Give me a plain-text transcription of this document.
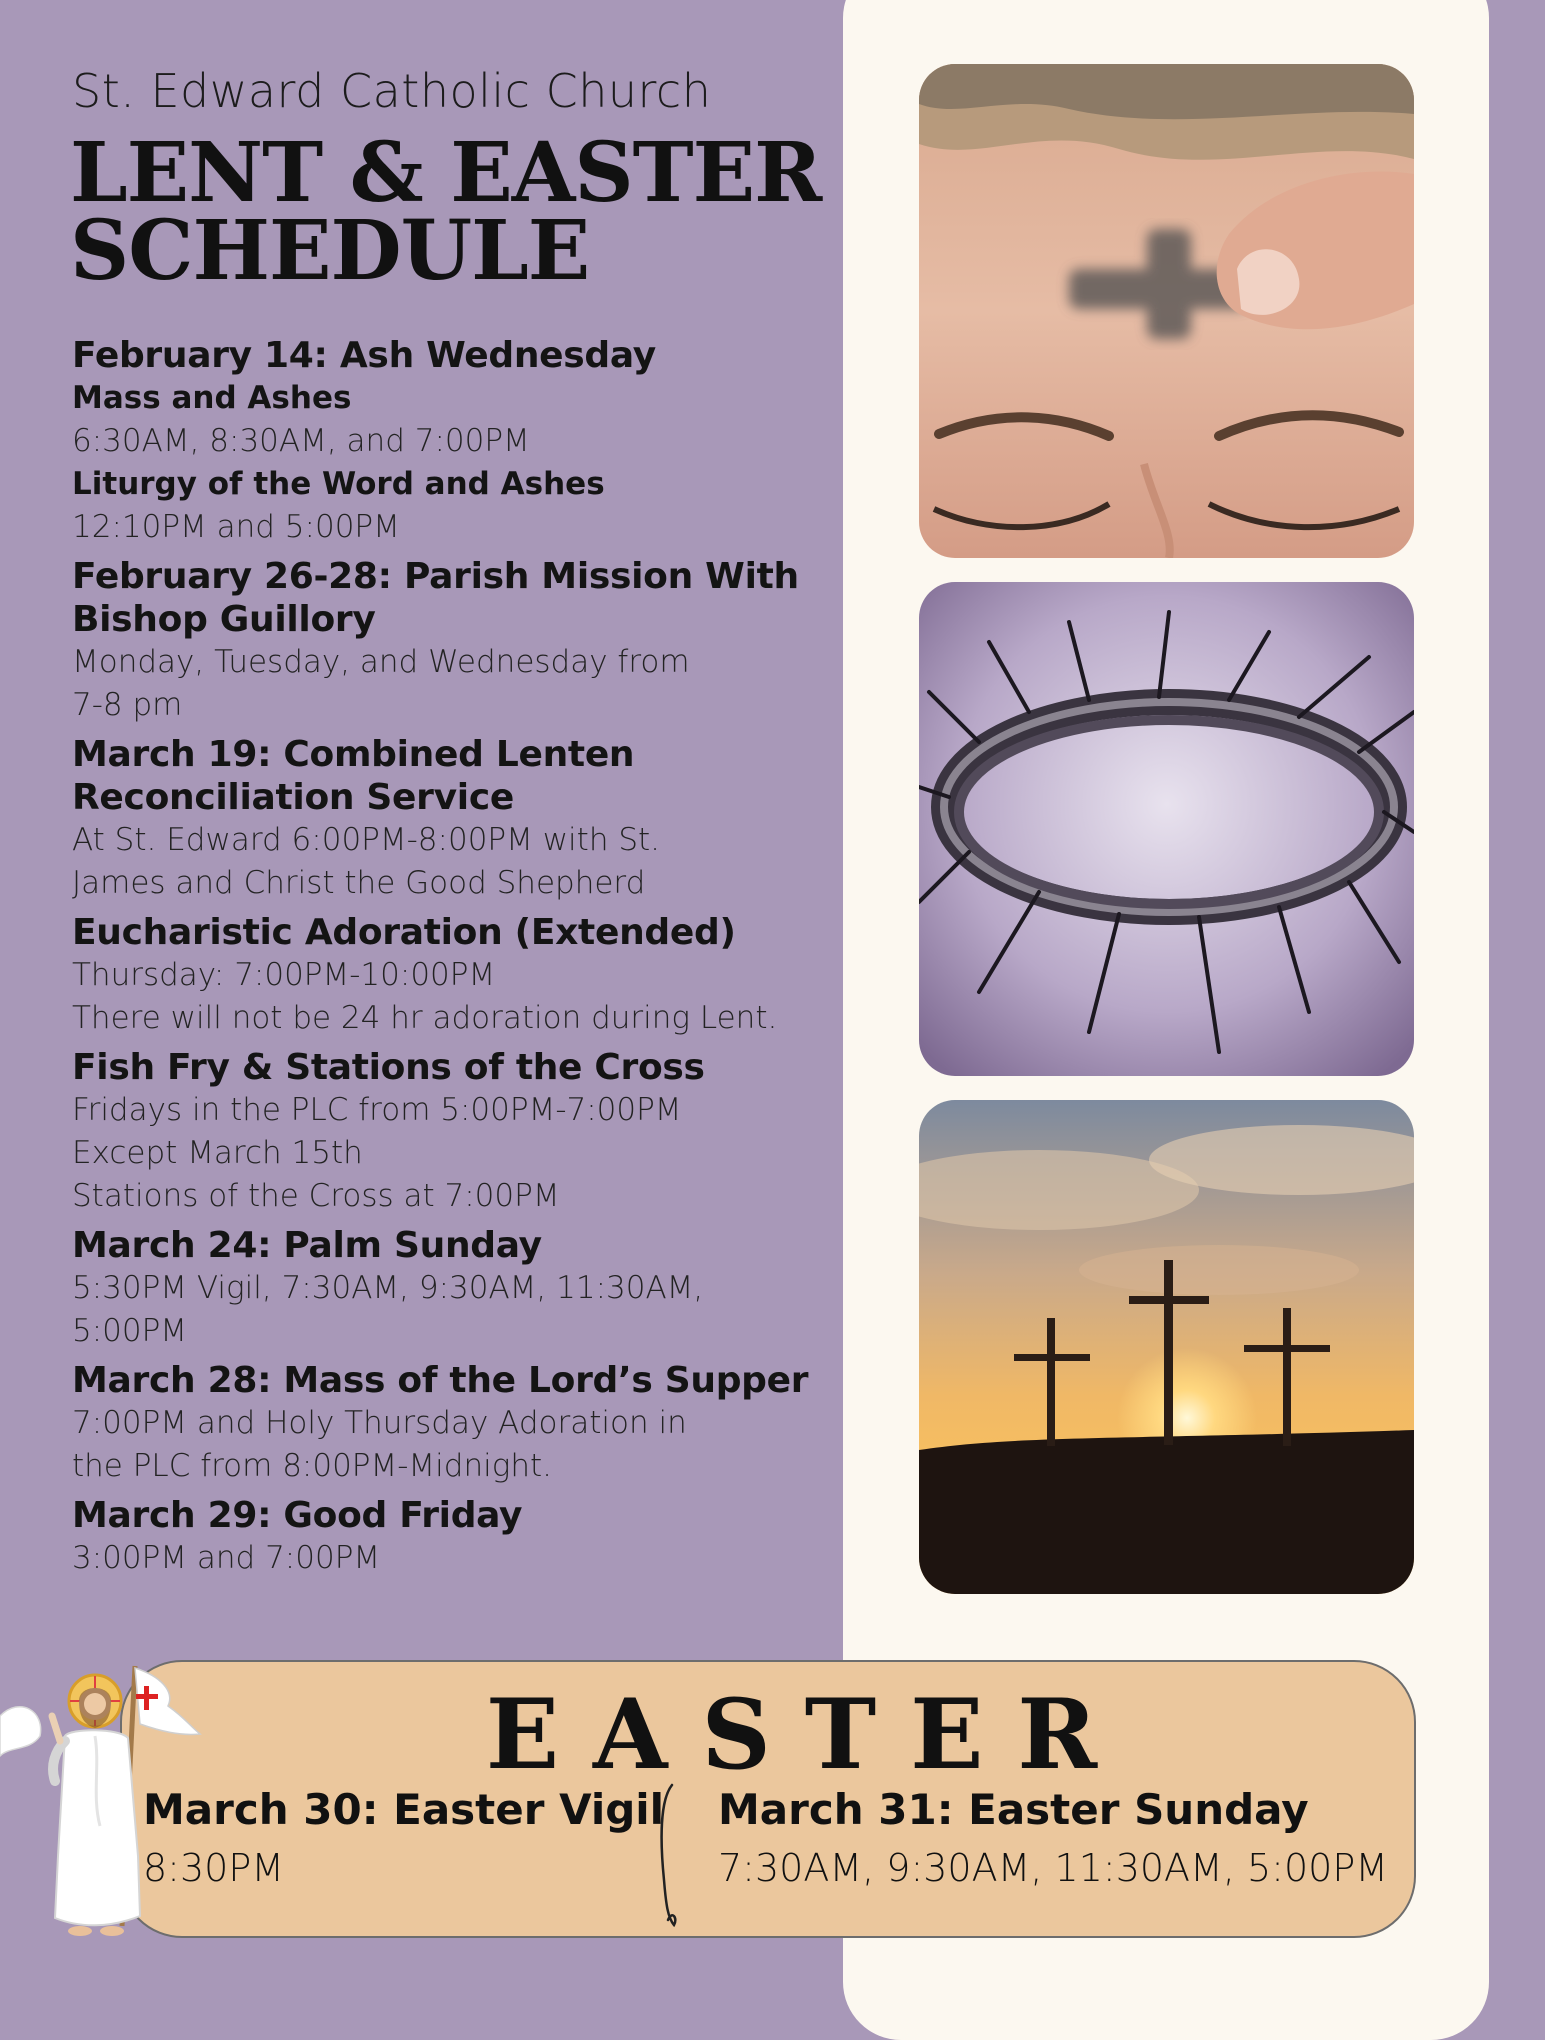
St. Edward Catholic Church
LENT & EASTER
SCHEDULE
February 14: Ash Wednesday
Mass and Ashes
6:30AM, 8:30AM, and 7:00PM
Liturgy of the Word and Ashes
12:10PM and 5:00PM
February 26-28: Parish Mission With
Bishop Guillory
Monday, Tuesday, and Wednesday from
7-8 pm
March 19: Combined Lenten
Reconciliation Service
At St. Edward 6:00PM-8:00PM with St.
James and Christ the Good Shepherd
Eucharistic Adoration (Extended)
Thursday: 7:00PM-10:00PM
There will not be 24 hr adoration during Lent.
Fish Fry & Stations of the Cross
Fridays in the PLC from 5:00PM-7:00PM
Except March 15th
Stations of the Cross at 7:00PM
March 24: Palm Sunday
5:30PM Vigil, 7:30AM, 9:30AM, 11:30AM,
5:00PM
March 28: Mass of the Lord’s Supper
7:00PM and Holy Thursday Adoration in
the PLC from 8:00PM-Midnight.
March 29: Good Friday
3:00PM and 7:00PM
EASTER
March 30: Easter Vigil
8:30PM
March 31: Easter Sunday
7:30AM, 9:30AM, 11:30AM, 5:00PM
